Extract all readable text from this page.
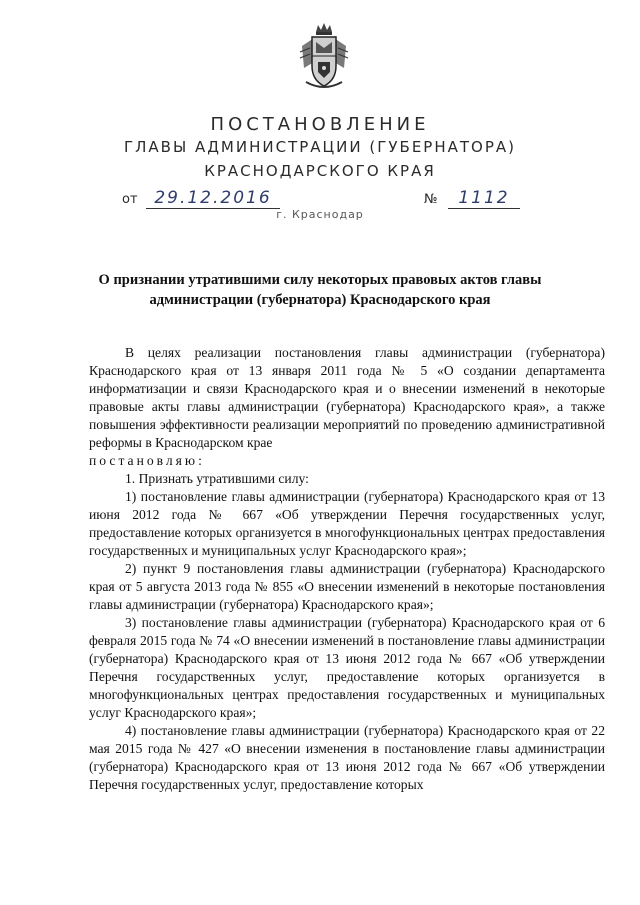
ПОСТАНОВЛЕНИЕ
ГЛАВЫ АДМИНИСТРАЦИИ (ГУБЕРНАТОРА)
КРАСНОДАРСКОГО КРАЯ
от 29.12.2016	№	1112
г. Краснодар
О признании утратившими силу некоторых правовых актов главы
администрации (губернатора) Краснодарского края

В целях реализации постановления главы администрации (губернатора) Краснодарского края от 13 января 2011 года № 5 «О создании департамента информатизации и связи Краснодарского края и о внесении изменений в некоторые правовые акты главы администрации (губернатора) Краснодарского края», а также повышения эффективности реализации мероприятий по проведению административной реформы в Краснодарском крае

постановляю:

1. Признать утратившими силу:

1) постановление главы администрации (губернатора) Краснодарского края от 13 июня 2012 года № 667 «Об утверждении Перечня государственных услуг, предоставление которых организуется в многофункциональных центрах предоставления государственных и муниципальных услуг Краснодарского края»;

2) пункт 9 постановления главы администрации (губернатора) Краснодарского края от 5 августа 2013 года № 855 «О внесении изменений в некоторые постановления главы администрации (губернатора) Краснодарского края»;

3) постановление главы администрации (губернатора) Краснодарского края от 6 февраля 2015 года № 74 «О внесении изменений в постановление главы администрации (губернатора) Краснодарского края от 13 июня 2012 года № 667 «Об утверждении Перечня государственных услуг, предоставление которых организуется в многофункциональных центрах предоставления государственных и муниципальных услуг Краснодарского края»;

4) постановление главы администрации (губернатора) Краснодарского края от 22 мая 2015 года № 427 «О внесении изменения в постановление главы администрации (губернатора) Краснодарского края от 13 июня 2012 года № 667 «Об утверждении Перечня государственных услуг, предоставление которых
